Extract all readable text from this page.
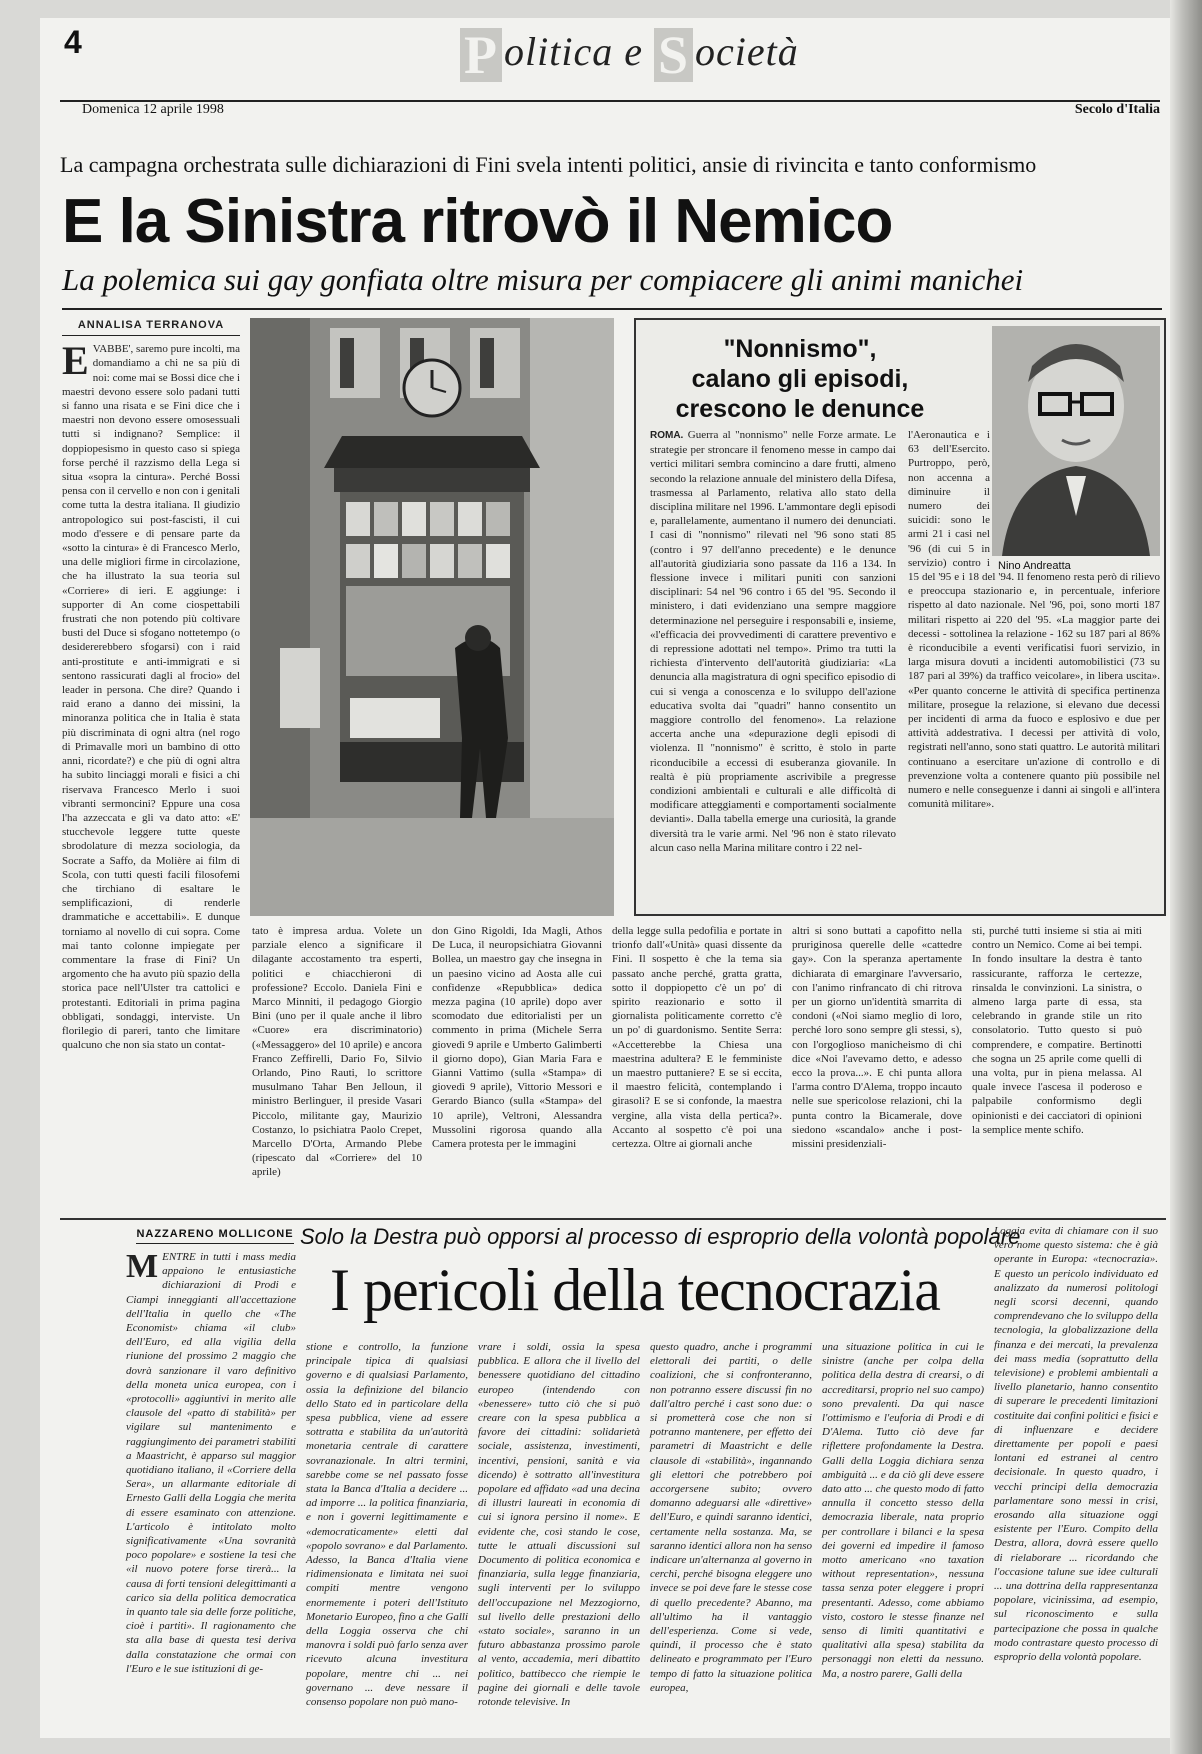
4	P olitica e S ocietà
Domenica 12 aprile 1998	Secolo d'Italia
La campagna orchestrata sulle dichiarazioni di Fini svela intenti politici, ansie di rivincita e tanto conformismo
E la Sinistra ritrovò il Nemico
La polemica sui gay gonfiata oltre misura per compiacere gli animi manichei
ANNALISA TERRANOVA
E VABBE', saremo pure incolti, ma domandiamo a chi ne sa più di noi: come mai se Bossi dice che i maestri devono essere solo padani tutti si fanno una risata e se Fini dice che i maestri non devono essere omosessuali tutti si indignano? Semplice: il doppiopesismo in questo caso si spiega forse perché il razzismo della Lega si situa «sopra la cintura». Perché Bossi pensa con il cervello e non con i genitali come tutta la destra italiana. Il giudizio antropologico sui post-fascisti, il cui modo d'essere e di pensare parte da «sotto la cintura» è di Francesco Merlo, una delle migliori firme in circolazione, che ha illustrato la sua teoria sul «Corriere» di ieri. E aggiunge: i supporter di An come ciospettabili frustrati che non potendo più coltivare busti del Duce si sfogano nottetempo (o desidererebbero sfogarsi) con i raid anti-prostitute e anti-immigrati e si sentono rassicurati dagli al frocio» del leader in persona. Che dire? Quando i raid erano a danno dei missini, la minoranza politica che in Italia è stata più discriminata di ogni altra (nel rogo di Primavalle morì un bambino di otto anni, ricordate?) e che più di ogni altra ha subìto linciaggi morali e fisici a chi riservava Francesco Merlo i suoi vibranti sermoncini? Eppure una cosa l'ha azzeccata e gli va dato atto: «E' stucchevole leggere tutte queste sbrodolature di mezza sociologia, da Socrate a Saffo, da Molière ai film di Scola, con tutti questi facili filosofemi che tirchiano di esaltare le semplificazioni, di renderle drammatiche e accettabili». E dunque torniamo al novello di cui sopra. Come mai tanto colonne impiegate per commentare la frase di Fini? Un argomento che ha avuto più spazio della storica pace nell'Ulster tra cattolici e protestanti. Editoriali in prima pagina obbligati, sondaggi, interviste. Un florilegio di pareri, tanto che limitare qualcuno che non sia stato un contat-
"Nonnismo",
calano gli episodi,
crescono le denunce
Nino Andreatta
ROMA. Guerra al "nonnismo" nelle Forze armate. Le strategie per stroncare il fenomeno messe in campo dai vertici militari sembra comincino a dare frutti, almeno secondo la relazione annuale del ministero della Difesa, trasmessa al Parlamento, relativa allo stato della disciplina militare nel 1996. L'ammontare degli episodi e, parallelamente, aumentano il numero dei denunciati. I casi di "nonnismo" rilevati nel '96 sono stati 85 (contro i 97 dell'anno precedente) e le denunce all'autorità giudiziaria sono passate da 116 a 134. In flessione invece i militari puniti con sanzioni disciplinari: 54 nel '96 contro i 65 del '95. Secondo il ministero, i dati evidenziano una sempre maggiore determinazione nel perseguire i responsabili e, insieme, «l'efficacia dei provvedimenti di carattere preventivo e di repressione adottati nel tempo». Primo tra tutti la richiesta d'intervento dell'autorità giudiziaria: «La denuncia alla magistratura di ogni specifico episodio di cui si venga a conoscenza e lo sviluppo dell'azione educativa svolta dai "quadri" hanno consentito un maggiore controllo del fenomeno». La relazione accerta anche una «depurazione degli episodi di violenza. Il "nonnismo" è scritto, è stolo in parte riconducibile a eccessi di esuberanza giovanile. In realtà è più propriamente ascrivibile a pregresse condizioni ambientali e culturali e alle difficoltà di modificare atteggiamenti e comportamenti socialmente devianti». Dalla tabella emerge una curiosità, la grande diversità tra le varie armi. Nel '96 non è stato rilevato alcun caso nella Marina militare contro i 22 nel-
l'Aeronautica e i 63 dell'Esercito. Purtroppo, però, non accenna a diminuire il numero dei suicidi: sono le armi 21 i casi nel '96 (di cui 5 in servizio) contro i 15 del '95 e i 18 del '94. Il fenomeno resta però di rilievo e preoccupa stazionario e, in percentuale, inferiore rispetto al dato nazionale. Nel '96, poi, sono morti 187 militari rispetto ai 220 del '95. «La maggior parte dei decessi - sottolinea la relazione - 162 su 187 pari al 86% è riconducibile a eventi verificatisi fuori servizio, in larga misura dovuti a incidenti automobilistici (73 su 187 pari al 39%) da traffico veicolare», in libera uscita». «Per quanto concerne le attività di specifica pertinenza militare, prosegue la relazione, si elevano due decessi per incidenti di arma da fuoco e esplosivo e due per attività addestrativa. I decessi per attività di volo, registrati nell'anno, sono stati quattro. Le autorità militari continuano a esercitare un'azione di controllo e di prevenzione volta a contenere quanto più possibile nel numero e nelle conseguenze i danni ai singoli e all'intera comunità militare».
tato è impresa ardua. Volete un parziale elenco a significare il dilagante accostamento tra esperti, politici e chiacchieroni di professione? Eccolo. Daniela Fini e Marco Minniti, il pedagogo Giorgio Bini (uno per il quale anche il libro «Cuore» era discriminatorio) («Messaggero» del 10 aprile) e ancora Franco Zeffirelli, Dario Fo, Silvio Orlando, Pino Rauti, lo scrittore musulmano Tahar Ben Jelloun, il ministro Berlinguer, il preside Vasari Piccolo, militante gay, Maurizio Costanzo, lo psichiatra Paolo Crepet, Marcello D'Orta, Armando Plebe (ripescato dal «Corriere» del 10 aprile)
don Gino Rigoldi, Ida Magli, Athos De Luca, il neuropsichiatra Giovanni Bollea, un maestro gay che insegna in un paesino vicino ad Aosta alle cui confidenze «Repubblica» dedica mezza pagina (10 aprile) dopo aver scomodato due editorialisti per un commento in prima (Michele Serra giovedì 9 aprile e Umberto Galimberti il giorno dopo), Gian Maria Fara e Gianni Vattimo (sulla «Stampa» di giovedì 9 aprile), Vittorio Messori e Gerardo Bianco (sulla «Stampa» del 10 aprile), Veltroni, Alessandra Mussolini rigorosa quando alla Camera protesta per le immagini
della legge sulla pedofilia e portate in trionfo dall'«Unità» quasi dissente da Fini. Il sospetto è che la tema sia passato anche perché, gratta gratta, sotto il doppiopetto c'è un po' di spirito reazionario e sotto il giornalista politicamente corretto c'è un po' di guardonismo. Sentite Serra: «Accetterebbe la Chiesa una maestrina adultera? E le femministe un maestro puttaniere? E se si eccita, il maestro felicità, contemplando i girasoli? E se si confonde, la maestra vergine, alla vista della pertica?». Accanto al sospetto c'è poi una certezza. Oltre ai giornali anche
altri si sono buttati a capofitto nella pruriginosa querelle delle «cattedre gay». Con la speranza apertamente dichiarata di emarginare l'avversario, con l'animo rinfrancato di chi ritrova per un giorno un'identità smarrita di condoni («Noi siamo meglio di loro, perché loro sono sempre gli stessi, s), con l'orgoglioso manicheismo di chi dice «Noi l'avevamo detto, e adesso ecco la prova...». E chi punta allora l'arma contro D'Alema, troppo incauto nelle sue spericolose relazioni, chi la punta contro la Bicamerale, dove siedono «scandalo» anche i post-missini presidenziali-
sti, purché tutti insieme si stia ai miti contro un Nemico. Come ai bei tempi. In fondo insultare la destra è tanto rassicurante, rafforza le certezze, rinsalda le convinzioni. La sinistra, o almeno larga parte di essa, sta celebrando in grande stile un rito consolatorio. Tutto questo si può comprendere, e compatire. Bertinotti che sogna un 25 aprile come quelli di una volta, pur in piena melassa. Al quale invece l'ascesa il poderoso e palpabile conformismo degli opinionisti e dei cacciatori di opinioni la semplice mente schifo.
NAZZARENO MOLLICONE Solo la Destra può opporsi al processo di esproprio della volontà popolare
I pericoli della tecnocrazia
MENTRE in tutti i mass media appaiono le entusiastiche dichiarazioni di Prodi e Ciampi inneggianti all'accettazione dell'Italia in quello che «The Economist» chiama «il club» dell'Euro, ed alla vigilia della riunione del prossimo 2 maggio che dovrà sanzionare il varo definitivo della moneta unica europea, con i «protocolli» aggiuntivi in merito alle clausole del «patto di stabilità» per vigilare sul mantenimento e raggiungimento dei parametri stabiliti a Maastricht, è apparso sul maggior quotidiano italiano, il «Corriere della Sera», un allarmante editoriale di Ernesto Galli della Loggia che merita di essere esaminato con attenzione. L'articolo è intitolato molto significativamente «Una sovranità poco popolare» e sostiene la tesi che «il nuovo potere forse tirerà... la causa di forti tensioni delegittimanti a carico sia della politica democratica in quanto tale sia delle forze politiche, cioè i partiti». Il ragionamento che sta alla base di questa tesi deriva dalla constatazione che ormai con l'Euro e le sue istituzioni di ge-
stione e controllo, la funzione principale tipica di qualsiasi governo e di qualsiasi Parlamento, ossia la definizione del bilancio dello Stato ed in particolare della spesa pubblica, viene ad essere sottratta e stabilita da un'autorità monetaria centrale di carattere sovranazionale. In altri termini, sarebbe come se nel passato fosse stata la Banca d'Italia a decidere ... ad imporre ... la politica finanziaria, e non i governi legittimamente e «democraticamente» eletti dal «popolo sovrano» e dal Parlamento. Adesso, la Banca d'Italia viene ridimensionata e limitata nei suoi compiti mentre vengono enormemente i poteri dell'Istituto Monetario Europeo, fino a che Galli della Loggia osserva che chi manovra i soldi può farlo senza aver ricevuto alcuna investitura popolare, mentre chi ... nei governano ... deve nessare il consenso popolare non può mano-
vrare i soldi, ossia la spesa pubblica. E allora che il livello del benessere quotidiano del cittadino europeo (intendendo con «benessere» tutto ciò che si può creare con la spesa pubblica a favore dei cittadini: solidarietà sociale, assistenza, investimenti, incentivi, pensioni, sanità e via dicendo) è sottratto all'investitura popolare ed affidato «ad una decina di illustri laureati in economia di cui si ignora persino il nome». E evidente che, così stando le cose, tutte le attuali discussioni sul Documento di politica economica e finanziaria, sulla legge finanziaria, sugli interventi per lo sviluppo dell'occupazione nel Mezzogiorno, sul livello delle prestazioni dello «stato sociale», saranno in un futuro abbastanza prossimo parole al vento, accademia, meri dibattito politico, battibecco che riempie le pagine dei giornali e delle tavole rotonde televisive. In
questo quadro, anche i programmi elettorali dei partiti, o delle coalizioni, che si confronteranno, non potranno essere discussi fin no dall'altro perché i cast sono due: o si prometterà cose che non si potranno mantenere, per effetto dei parametri di Maastricht e delle clausole di «stabilità», ingannando gli elettori che potrebbero poi accorgersene subito; ovvero domanno adeguarsi alle «direttive» dell'Euro, e quindi saranno identici, certamente nella sostanza. Ma, se saranno identici allora non ha senso indicare un'alternanza al governo in cerchi, perché bisogna eleggere uno invece se poi deve fare le stesse cose di quello precedente? Abanno, ma all'ultimo ha il vantaggio dell'esperienza. Come si vede, quindi, il processo che è stato delineato e programmato per l'Euro tempo di fatto la situazione politica europea,
una situazione politica in cui le sinistre (anche per colpa della politica della destra di crearsi, o di accreditarsi, proprio nel suo campo) sono prevalenti. Da qui nasce l'ottimismo e l'euforia di Prodi e di D'Alema. Tutto ciò deve far riflettere profondamente la Destra. Galli della Loggia dichiara senza ambiguità ... e da ciò gli deve essere dato atto ... che questo modo di fatto annulla il concetto stesso della democrazia liberale, nata proprio per controllare i bilanci e la spesa dei governi ed impedire il famoso motto americano «no taxation without representation», nessuna tassa senza poter eleggere i propri presentanti. Adesso, come abbiamo visto, costoro le stesse finanze nel senso di limiti quantitativi e qualitativi alla spesa) stabilita da personaggi non eletti da nessuno. Ma, a nostro parere, Galli della
Loggia evita di chiamare con il suo vero nome questo sistema: che è già operante in Europa: «tecnocrazia». E questo un pericolo individuato ed analizzato da numerosi politologi negli scorsi decenni, quando comprendevano che lo sviluppo della tecnologia, la globalizzazione della finanza e dei mercati, la prevalenza dei mass media (soprattutto della televisione) e problemi ambientali a livello planetario, hanno consentito di superare le precedenti limitazioni costituite dai confini politici e fisici e di influenzare e decidere direttamente per popoli e paesi lontani ed estranei al centro decisionale. In questo quadro, i vecchi principi della democrazia parlamentare sono messi in crisi, erosando alla situazione oggi esistente per l'Euro. Compito della Destra, allora, dovrà essere quello di rielaborare ... ricordando che l'occasione talune sue idee culturali ... una dottrina della rappresentanza popolare, vicinissima, ad esempio, sul riconoscimento e sulla partecipazione che possa in qualche modo contrastare questo processo di esproprio della volontà popolare.
